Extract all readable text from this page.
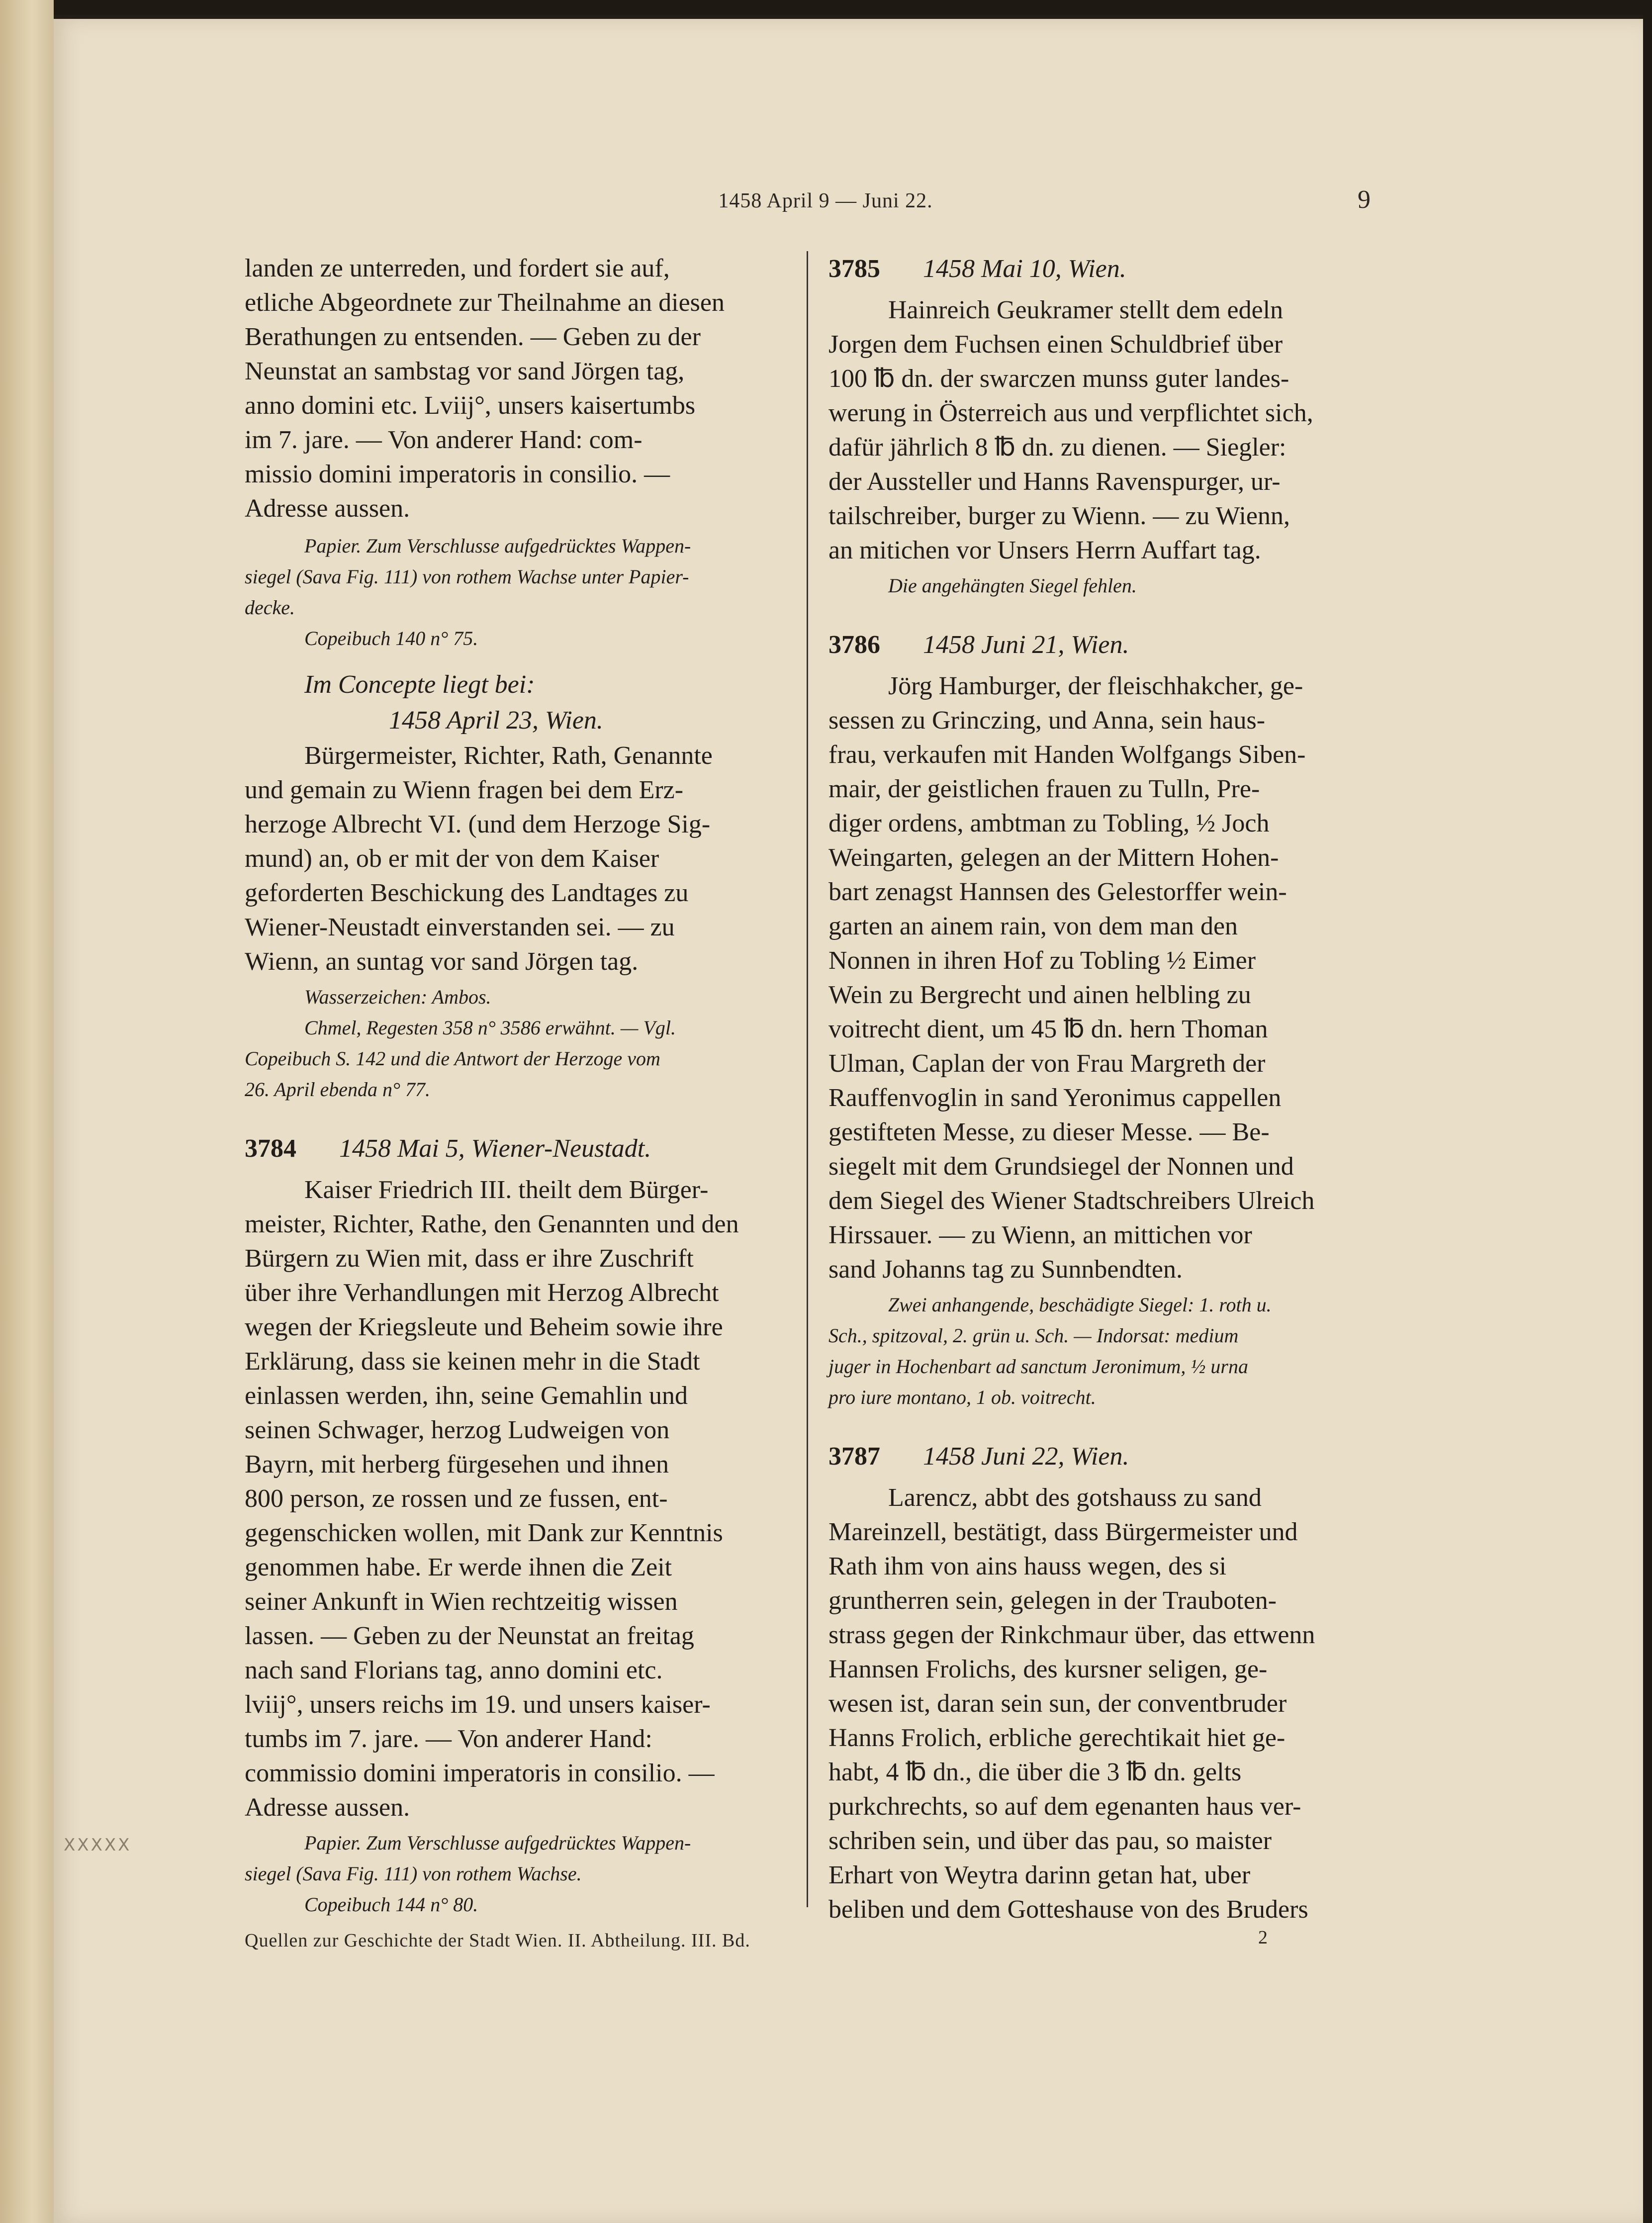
1458 April 9 — Juni 22.	9
XXXXX

landen ze unterreden, und fordert sie auf,

etliche Abgeordnete zur Theilnahme an diesen

Berathungen zu entsenden. — Geben zu der

Neunstat an sambstag vor sand Jörgen tag,

anno domini etc. Lviij°, unsers kaisertumbs

im 7. jare. — Von anderer Hand: com-

missio domini imperatoris in consilio. —

Adresse aussen.

Papier. Zum Verschlusse aufgedrücktes Wappen-

siegel (Sava Fig. 111) von rothem Wachse unter Papier-

decke.

Copeibuch 140 n° 75.

Im Concepte liegt bei:

1458 April 23, Wien.

Bürgermeister, Richter, Rath, Genannte

und gemain zu Wienn fragen bei dem Erz-

herzoge Albrecht VI. (und dem Herzoge Sig-

mund) an, ob er mit der von dem Kaiser

geforderten Beschickung des Landtages zu

Wiener-Neustadt einverstanden sei. — zu

Wienn, an suntag vor sand Jörgen tag.

Wasserzeichen: Ambos.

Chmel, Regesten 358 n° 3586 erwähnt. — Vgl.

Copeibuch S. 142 und die Antwort der Herzoge vom

26. April ebenda n° 77.

3784 1458 Mai 5, Wiener-Neustadt.

Kaiser Friedrich III. theilt dem Bürger-

meister, Richter, Rathe, den Genannten und den

Bürgern zu Wien mit, dass er ihre Zuschrift

über ihre Verhandlungen mit Herzog Albrecht

wegen der Kriegsleute und Beheim sowie ihre

Erklärung, dass sie keinen mehr in die Stadt

einlassen werden, ihn, seine Gemahlin und

seinen Schwager, herzog Ludweigen von

Bayrn, mit herberg fürgesehen und ihnen

800 person, ze rossen und ze fussen, ent-

gegenschicken wollen, mit Dank zur Kenntnis

genommen habe. Er werde ihnen die Zeit

seiner Ankunft in Wien rechtzeitig wissen

lassen. — Geben zu der Neunstat an freitag

nach sand Florians tag, anno domini etc.

lviij°, unsers reichs im 19. und unsers kaiser-

tumbs im 7. jare. — Von anderer Hand:

commissio domini imperatoris in consilio. —

Adresse aussen.

Papier. Zum Verschlusse aufgedrücktes Wappen-

siegel (Sava Fig. 111) von rothem Wachse.

Copeibuch 144 n° 80.

3785 1458 Mai 10, Wien.

Hainreich Geukramer stellt dem edeln

Jorgen dem Fuchsen einen Schuldbrief über

100 ℔ dn. der swarczen munss guter landes-

werung in Österreich aus und verpflichtet sich,

dafür jährlich 8 ℔ dn. zu dienen. — Siegler:

der Aussteller und Hanns Ravenspurger, ur-

tailschreiber, burger zu Wienn. — zu Wienn,

an mitichen vor Unsers Herrn Auffart tag.

Die angehängten Siegel fehlen.

3786 1458 Juni 21, Wien.

Jörg Hamburger, der fleischhakcher, ge-

sessen zu Grinczing, und Anna, sein haus-

frau, verkaufen mit Handen Wolfgangs Siben-

mair, der geistlichen frauen zu Tulln, Pre-

diger ordens, ambtman zu Tobling, ½ Joch

Weingarten, gelegen an der Mittern Hohen-

bart zenagst Hannsen des Gelestorffer wein-

garten an ainem rain, von dem man den

Nonnen in ihren Hof zu Tobling ½ Eimer

Wein zu Bergrecht und ainen helbling zu

voitrecht dient, um 45 ℔ dn. hern Thoman

Ulman, Caplan der von Frau Margreth der

Rauffenvoglin in sand Yeronimus cappellen

gestifteten Messe, zu dieser Messe. — Be-

siegelt mit dem Grundsiegel der Nonnen und

dem Siegel des Wiener Stadtschreibers Ulreich

Hirssauer. — zu Wienn, an mittichen vor

sand Johanns tag zu Sunnbendten.

Zwei anhangende, beschädigte Siegel: 1. roth u.

Sch., spitzoval, 2. grün u. Sch. — Indorsat: medium

juger in Hochenbart ad sanctum Jeronimum, ½ urna

pro iure montano, 1 ob. voitrecht.

3787 1458 Juni 22, Wien.

Larencz, abbt des gotshauss zu sand

Mareinzell, bestätigt, dass Bürgermeister und

Rath ihm von ains hauss wegen, des si

gruntherren sein, gelegen in der Trauboten-

strass gegen der Rinkchmaur über, das ettwenn

Hannsen Frolichs, des kursner seligen, ge-

wesen ist, daran sein sun, der conventbruder

Hanns Frolich, erbliche gerechtikait hiet ge-

habt, 4 ℔ dn., die über die 3 ℔ dn. gelts

purkchrechts, so auf dem egenanten haus ver-

schriben sein, und über das pau, so maister

Erhart von Weytra darinn getan hat, uber

beliben und dem Gotteshause von des Bruders

Quellen zur Geschichte der Stadt Wien. II. Abtheilung. III. Bd.	2
